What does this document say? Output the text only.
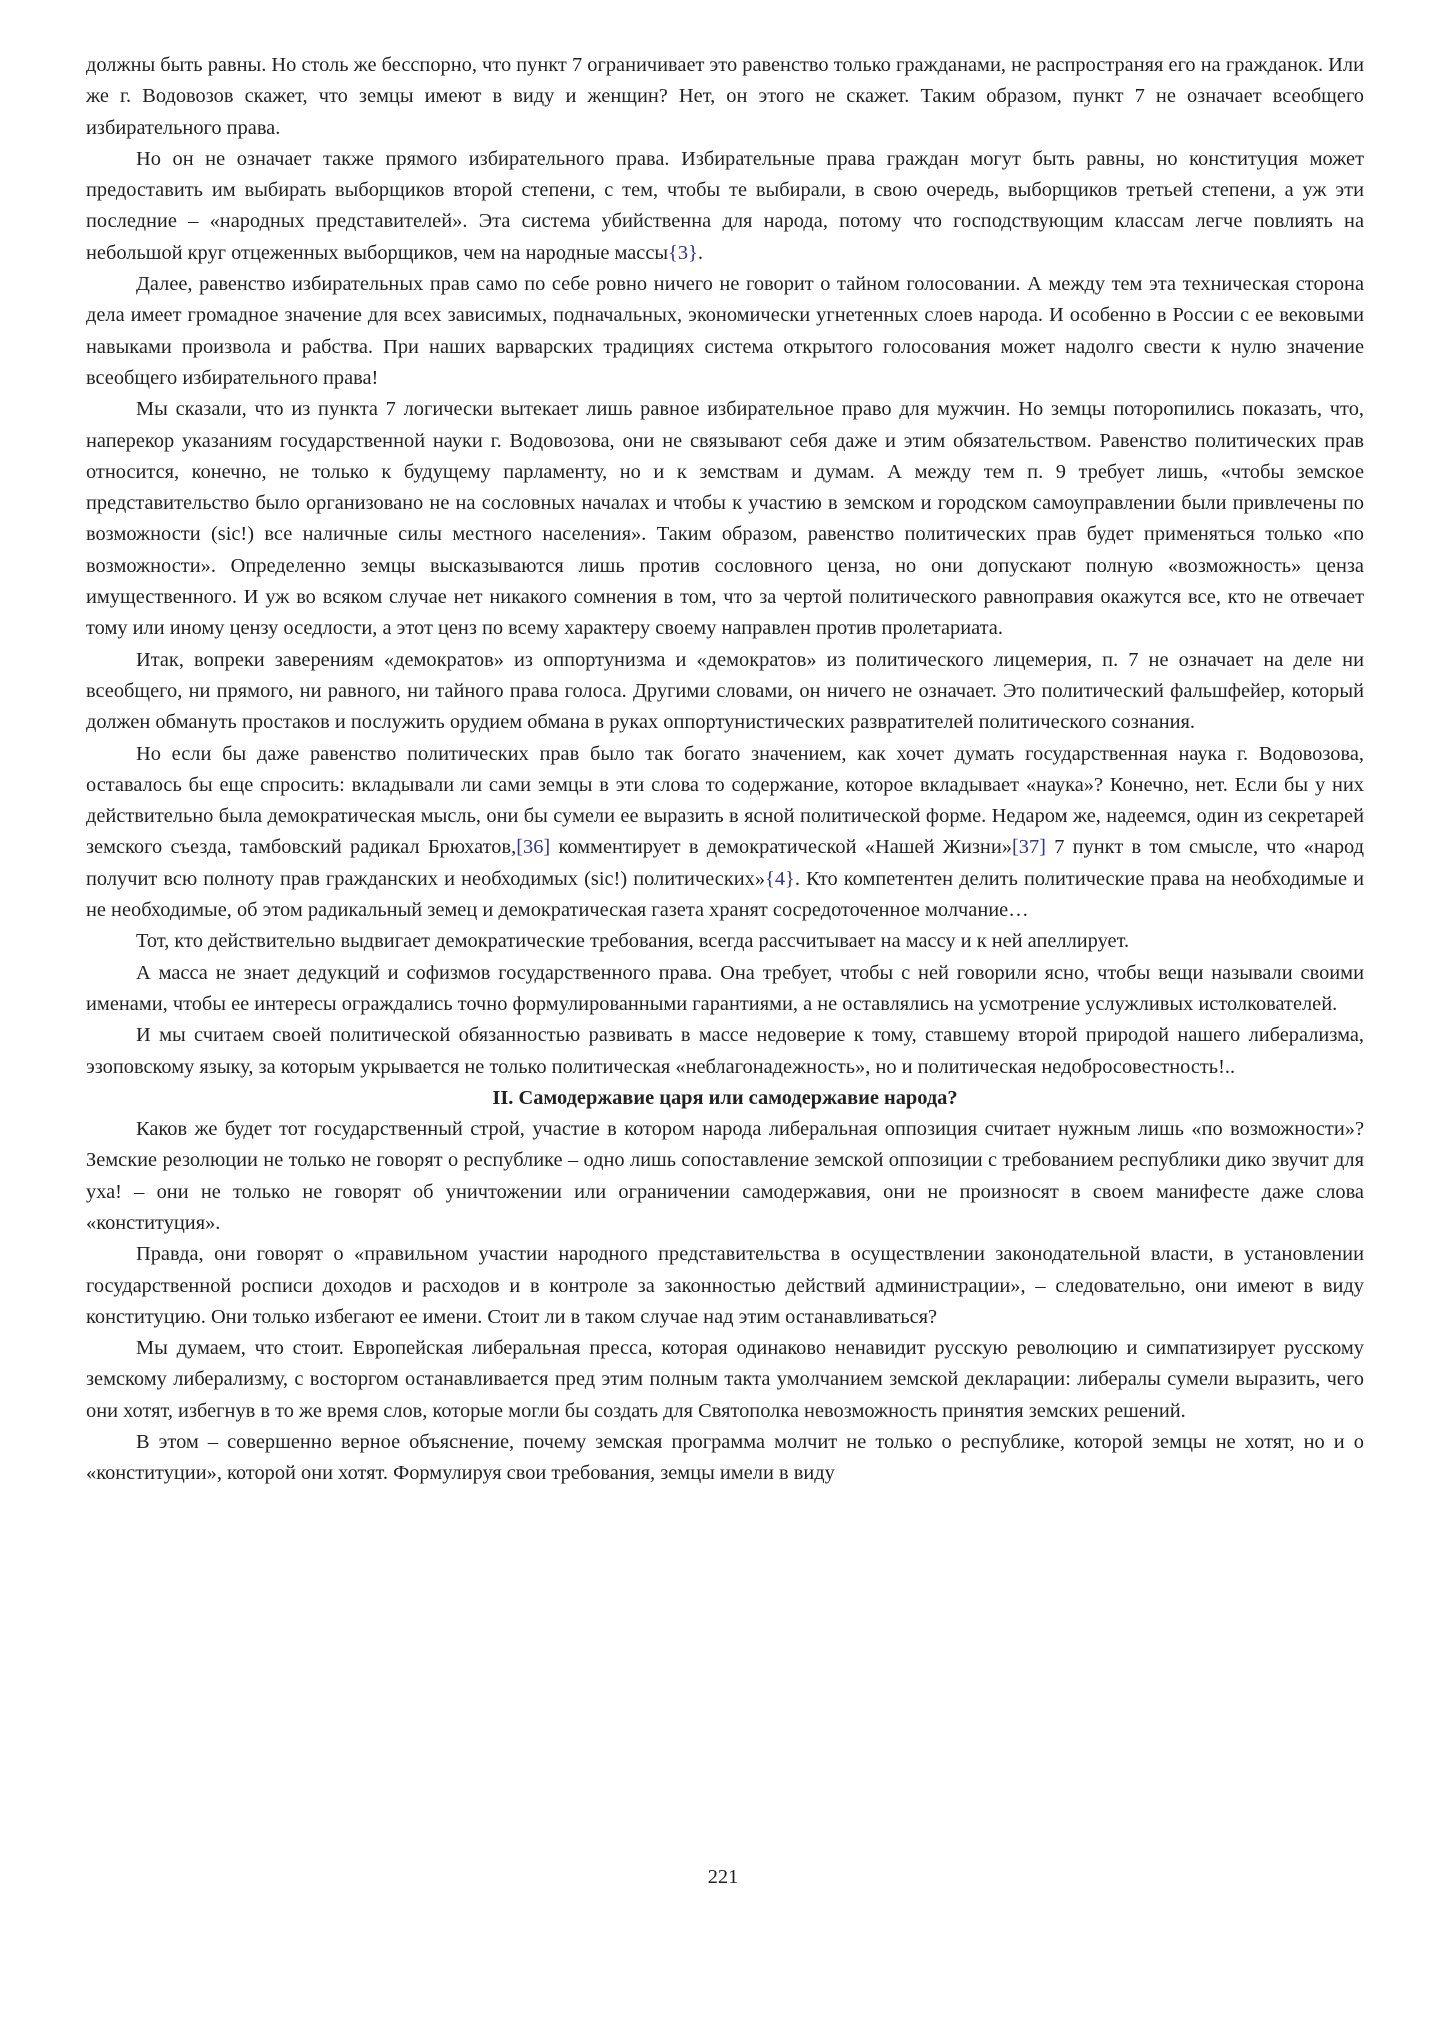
должны быть равны. Но столь же бесспорно, что пункт 7 ограничивает это равенство только гражданами, не распространяя его на гражданок. Или же г. Водовозов скажет, что земцы имеют в виду и женщин? Нет, он этого не скажет. Таким образом, пункт 7 не означает всеобщего избирательного права.

Но он не означает также прямого избирательного права. Избирательные права граждан могут быть равны, но конституция может предоставить им выбирать выборщиков второй степени, с тем, чтобы те выбирали, в свою очередь, выборщиков третьей степени, а уж эти последние – «народных представителей». Эта система убийственна для народа, потому что господствующим классам легче повлиять на небольшой круг отцеженных выборщиков, чем на народные массы{3}.

Далее, равенство избирательных прав само по себе ровно ничего не говорит о тайном голосовании. А между тем эта техническая сторона дела имеет громадное значение для всех зависимых, подначальных, экономически угнетенных слоев народа. И особенно в России с ее вековыми навыками произвола и рабства. При наших варварских традициях система открытого голосования может надолго свести к нулю значение всеобщего избирательного права!

Мы сказали, что из пункта 7 логически вытекает лишь равное избирательное право для мужчин. Но земцы поторопились показать, что, наперекор указаниям государственной науки г. Водовозова, они не связывают себя даже и этим обязательством. Равенство политических прав относится, конечно, не только к будущему парламенту, но и к земствам и думам. А между тем п. 9 требует лишь, «чтобы земское представительство было организовано не на сословных началах и чтобы к участию в земском и городском самоуправлении были привлечены по возможности (sic!) все наличные силы местного населения». Таким образом, равенство политических прав будет применяться только «по возможности». Определенно земцы высказываются лишь против сословного ценза, но они допускают полную «возможность» ценза имущественного. И уж во всяком случае нет никакого сомнения в том, что за чертой политического равноправия окажутся все, кто не отвечает тому или иному цензу оседлости, а этот ценз по всему характеру своему направлен против пролетариата.

Итак, вопреки заверениям «демократов» из оппортунизма и «демократов» из политического лицемерия, п. 7 не означает на деле ни всеобщего, ни прямого, ни равного, ни тайного права голоса. Другими словами, он ничего не означает. Это политический фальшфейер, который должен обмануть простаков и послужить орудием обмана в руках оппортунистических развратителей политического сознания.

Но если бы даже равенство политических прав было так богато значением, как хочет думать государственная наука г. Водовозова, оставалось бы еще спросить: вкладывали ли сами земцы в эти слова то содержание, которое вкладывает «наука»? Конечно, нет. Если бы у них действительно была демократическая мысль, они бы сумели ее выразить в ясной политической форме. Недаром же, надеемся, один из секретарей земского съезда, тамбовский радикал Брюхатов,[36] комментирует в демократической «Нашей Жизни»[37] 7 пункт в том смысле, что «народ получит всю полноту прав гражданских и необходимых (sic!) политических»{4}. Кто компетентен делить политические права на необходимые и не необходимые, об этом радикальный земец и демократическая газета хранят сосредоточенное молчание…

Тот, кто действительно выдвигает демократические требования, всегда рассчитывает на массу и к ней апеллирует.

А масса не знает дедукций и софизмов государственного права. Она требует, чтобы с ней говорили ясно, чтобы вещи называли своими именами, чтобы ее интересы ограждались точно формулированными гарантиями, а не оставлялись на усмотрение услужливых истолкователей.

И мы считаем своей политической обязанностью развивать в массе недоверие к тому, ставшему второй природой нашего либерализма, эзоповскому языку, за которым укрывается не только политическая «неблагонадежность», но и политическая недобросовестность!..

II. Самодержавие царя или самодержавие народа?

Каков же будет тот государственный строй, участие в котором народа либеральная оппозиция считает нужным лишь «по возможности»? Земские резолюции не только не говорят о республике – одно лишь сопоставление земской оппозиции с требованием республики дико звучит для уха! – они не только не говорят об уничтожении или ограничении самодержавия, они не произносят в своем манифесте даже слова «конституция».

Правда, они говорят о «правильном участии народного представительства в осуществлении законодательной власти, в установлении государственной росписи доходов и расходов и в контроле за законностью действий администрации», – следовательно, они имеют в виду конституцию. Они только избегают ее имени. Стоит ли в таком случае над этим останавливаться?

Мы думаем, что стоит. Европейская либеральная пресса, которая одинаково ненавидит русскую революцию и симпатизирует русскому земскому либерализму, с восторгом останавливается пред этим полным такта умолчанием земской декларации: либералы сумели выразить, чего они хотят, избегнув в то же время слов, которые могли бы создать для Святополка невозможность принятия земских решений.

В этом – совершенно верное объяснение, почему земская программа молчит не только о республике, которой земцы не хотят, но и о «конституции», которой они хотят. Формулируя свои требования, земцы имели в виду

221
